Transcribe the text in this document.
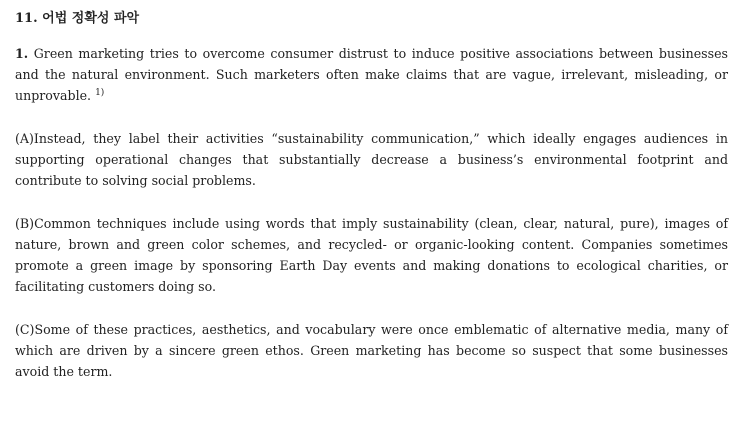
11. 어법 정확성 파악

1. Green marketing tries to overcome consumer distrust to induce positive associations between businesses and the natural environment. Such marketers often make claims that are vague, irrelevant, misleading, or unprovable. $^{1)}$

(A)Instead, they label their activities “sustainability communication,” which ideally engages audiences in supporting operational changes that substantially decrease a business’s environmental footprint and contribute to solving social problems.

(B)Common techniques include using words that imply sustainability (clean, clear, natural, pure), images of nature, brown and green color schemes, and recycled- or organic-looking content. Companies sometimes promote a green image by sponsoring Earth Day events and making donations to ecological charities, or facilitating customers doing so.

(C)Some of these practices, aesthetics, and vocabulary were once emblematic of alternative media, many of which are driven by a sincere green ethos. Green marketing has become so suspect that some businesses avoid the term.
